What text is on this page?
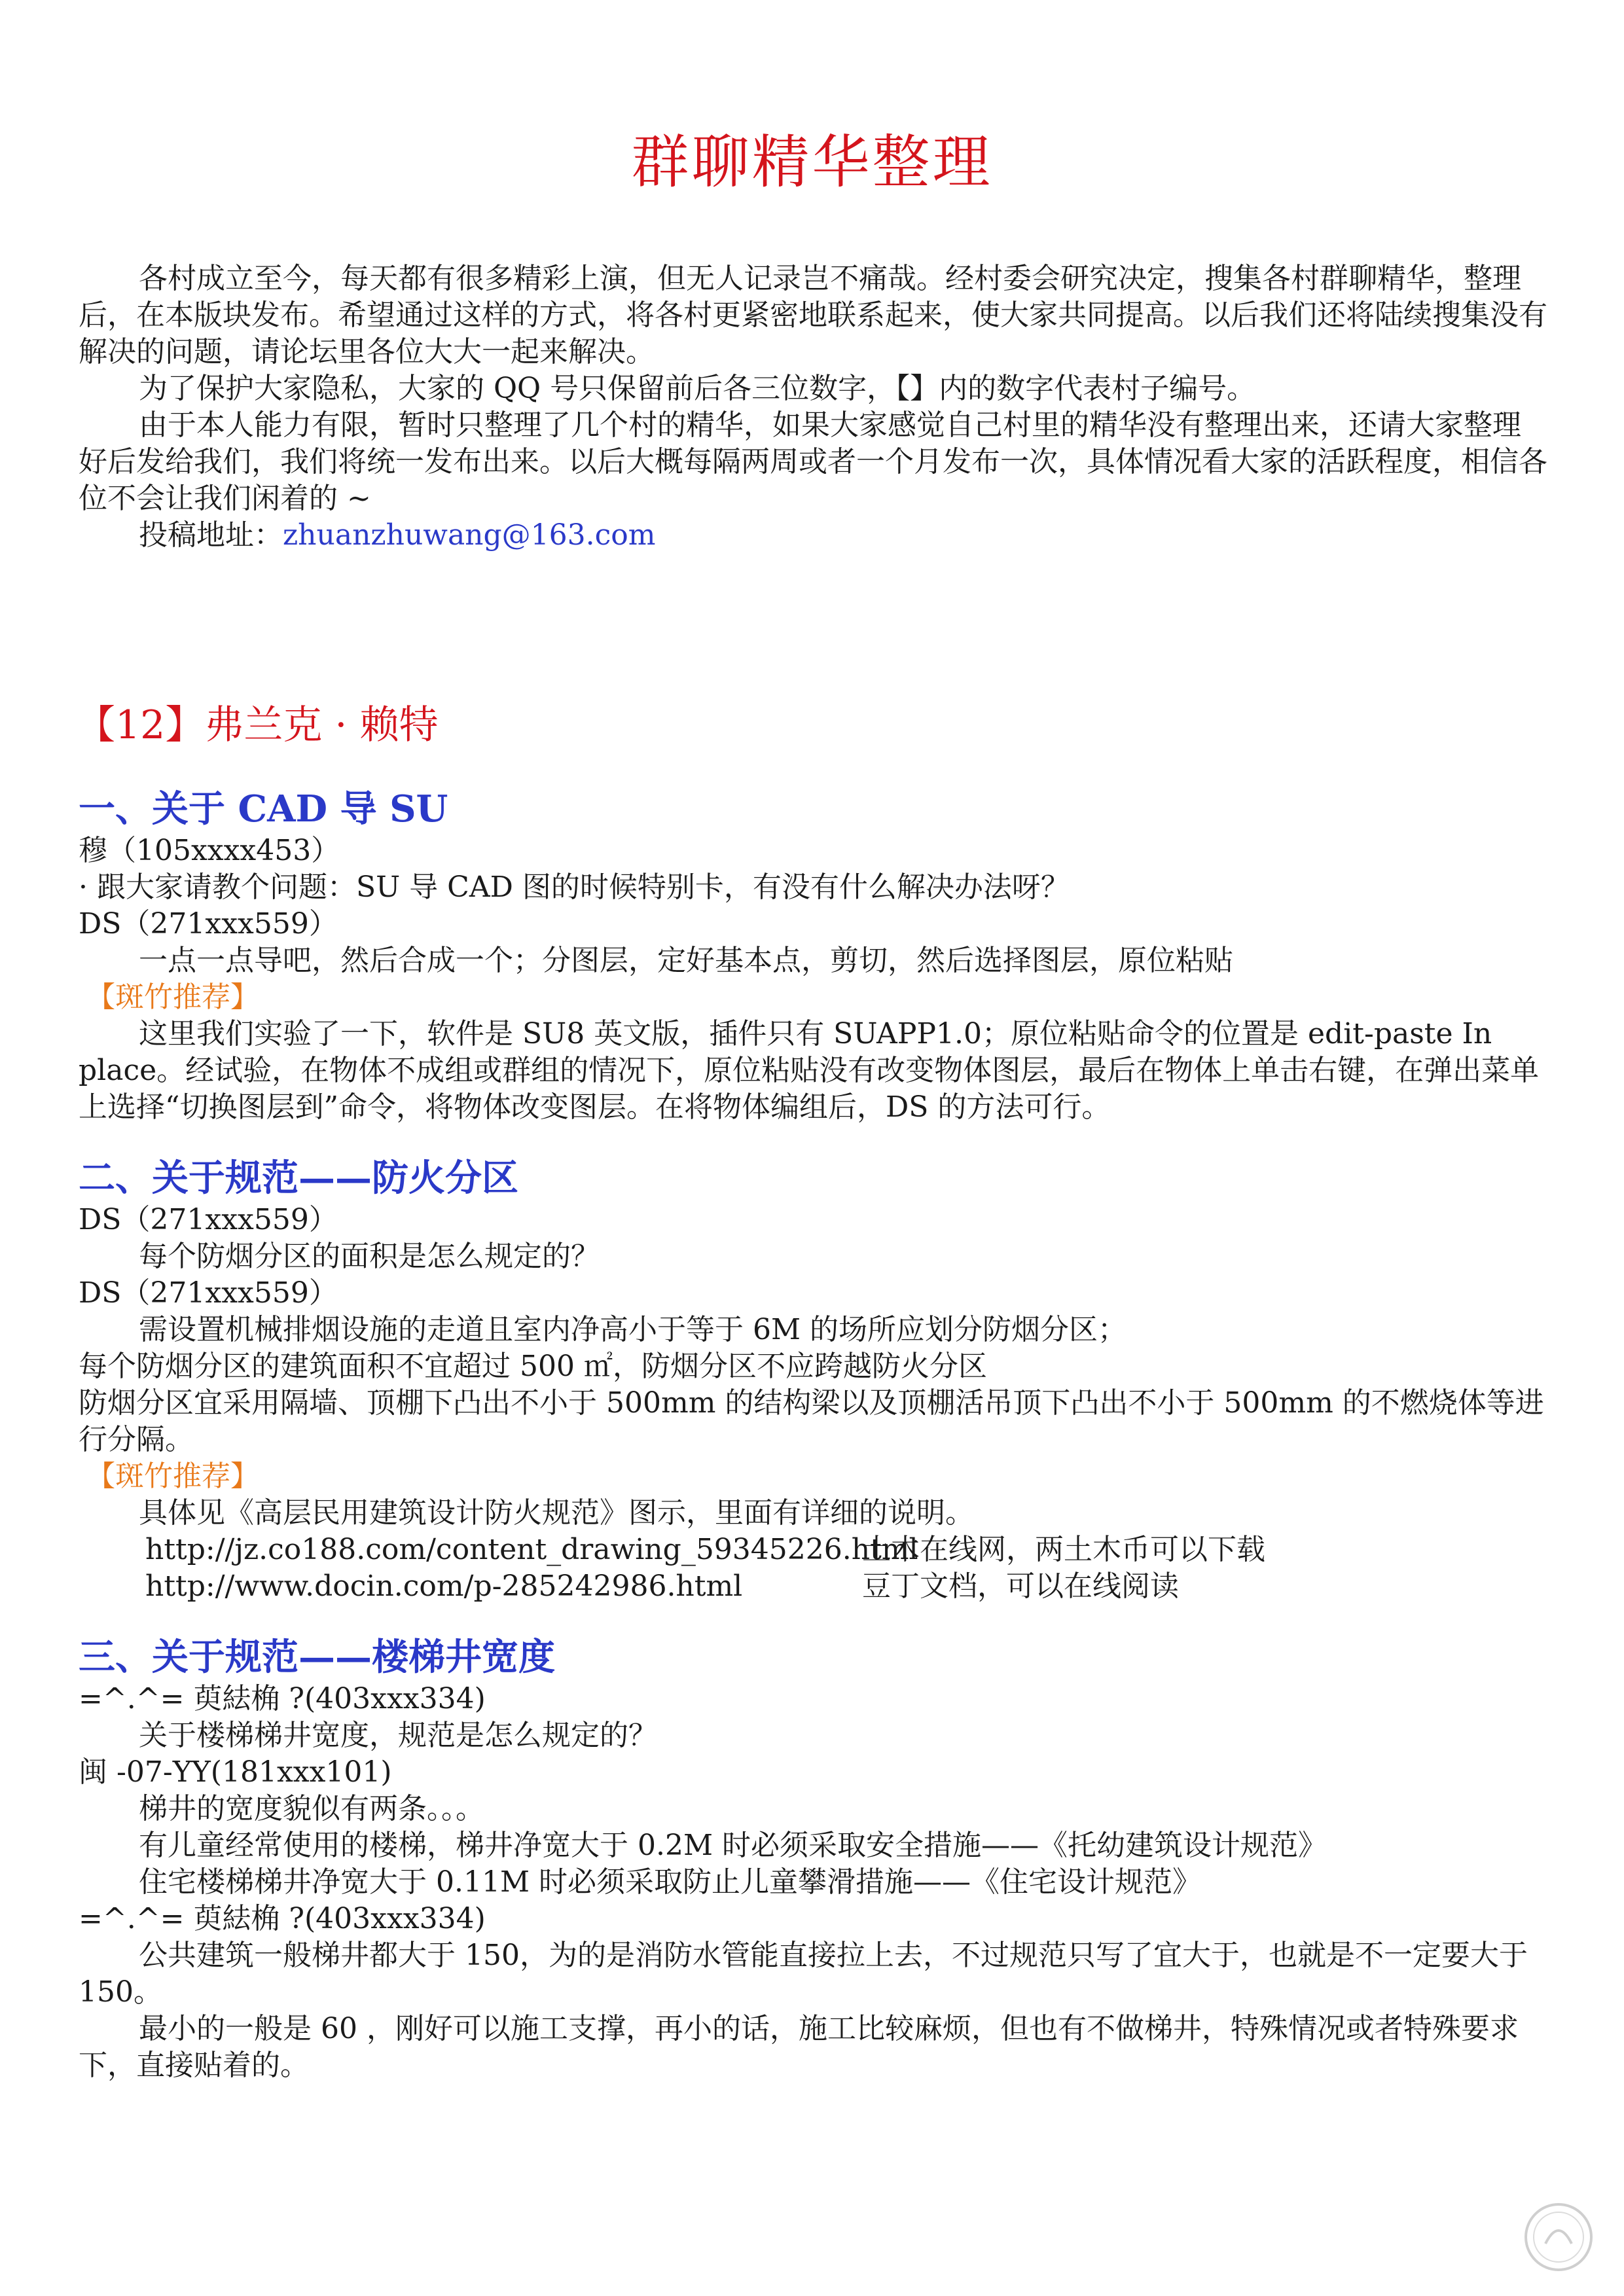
群聊精华整理

各村成立至今，每天都有很多精彩上演，但无人记录岂不痛哉。经村委会研究决定，搜集各村群聊精华，整理后，在本版块发布。希望通过这样的方式，将各村更紧密地联系起来，使大家共同提高。以后我们还将陆续搜集没有解决的问题，请论坛里各位大大一起来解决。

为了保护大家隐私，大家的 QQ 号只保留前后各三位数字，【】内的数字代表村子编号。

由于本人能力有限，暂时只整理了几个村的精华，如果大家感觉自己村里的精华没有整理出来，还请大家整理好后发给我们，我们将统一发布出来。以后大概每隔两周或者一个月发布一次，具体情况看大家的活跃程度，相信各位不会让我们闲着的 ~

投稿地址：zhuanzhuwang@163.com

【12】弗兰克 · 赖特
一、关于 CAD 导 SU

穆（105xxxx453）

· 跟大家请教个问题：SU 导 CAD 图的时候特别卡，有没有什么解决办法呀？

DS（271xxx559）

一点一点导吧，然后合成一个；分图层，定好基本点，剪切，然后选择图层，原位粘贴

【斑竹推荐】

这里我们实验了一下，软件是 SU8 英文版，插件只有 SUAPP1.0；原位粘贴命令的位置是 edit-paste In place。经试验，在物体不成组或群组的情况下，原位粘贴没有改变物体图层，最后在物体上单击右键，在弹出菜单上选择“切换图层到”命令，将物体改变图层。在将物体编组后，DS 的方法可行。

二、关于规范——防火分区

DS（271xxx559）

每个防烟分区的面积是怎么规定的？

DS（271xxx559）

需设置机械排烟设施的走道且室内净高小于等于 6M 的场所应划分防烟分区；

每个防烟分区的建筑面积不宜超过 500 ㎡，防烟分区不应跨越防火分区

防烟分区宜采用隔墙、顶棚下凸出不小于 500mm 的结构梁以及顶棚活吊顶下凸出不小于 500mm 的不燃烧体等进行分隔。

【斑竹推荐】

具体见《高层民用建筑设计防火规范》图示，里面有详细的说明。

http://jz.co188.com/content_drawing_59345226.html
土木在线网，两土木币可以下载
http://www.docin.com/p-285242986.html	豆丁文档，可以在线阅读
三、关于规范——楼梯井宽度

=^.^= 萸紶桷 ?(403xxx334)

关于楼梯梯井宽度，规范是怎么规定的？

闽 -07-YY(181xxx101)

梯井的宽度貌似有两条。。。

有儿童经常使用的楼梯，梯井净宽大于 0.2M 时必须采取安全措施——《托幼建筑设计规范》

住宅楼梯梯井净宽大于 0.11M 时必须采取防止儿童攀滑措施——《住宅设计规范》

=^.^= 萸紶桷 ?(403xxx334)

公共建筑一般梯井都大于 150，为的是消防水管能直接拉上去，不过规范只写了宜大于，也就是不一定要大于 150。

最小的一般是 60 ，刚好可以施工支撑，再小的话，施工比较麻烦，但也有不做梯井，特殊情况或者特殊要求下，直接贴着的。
